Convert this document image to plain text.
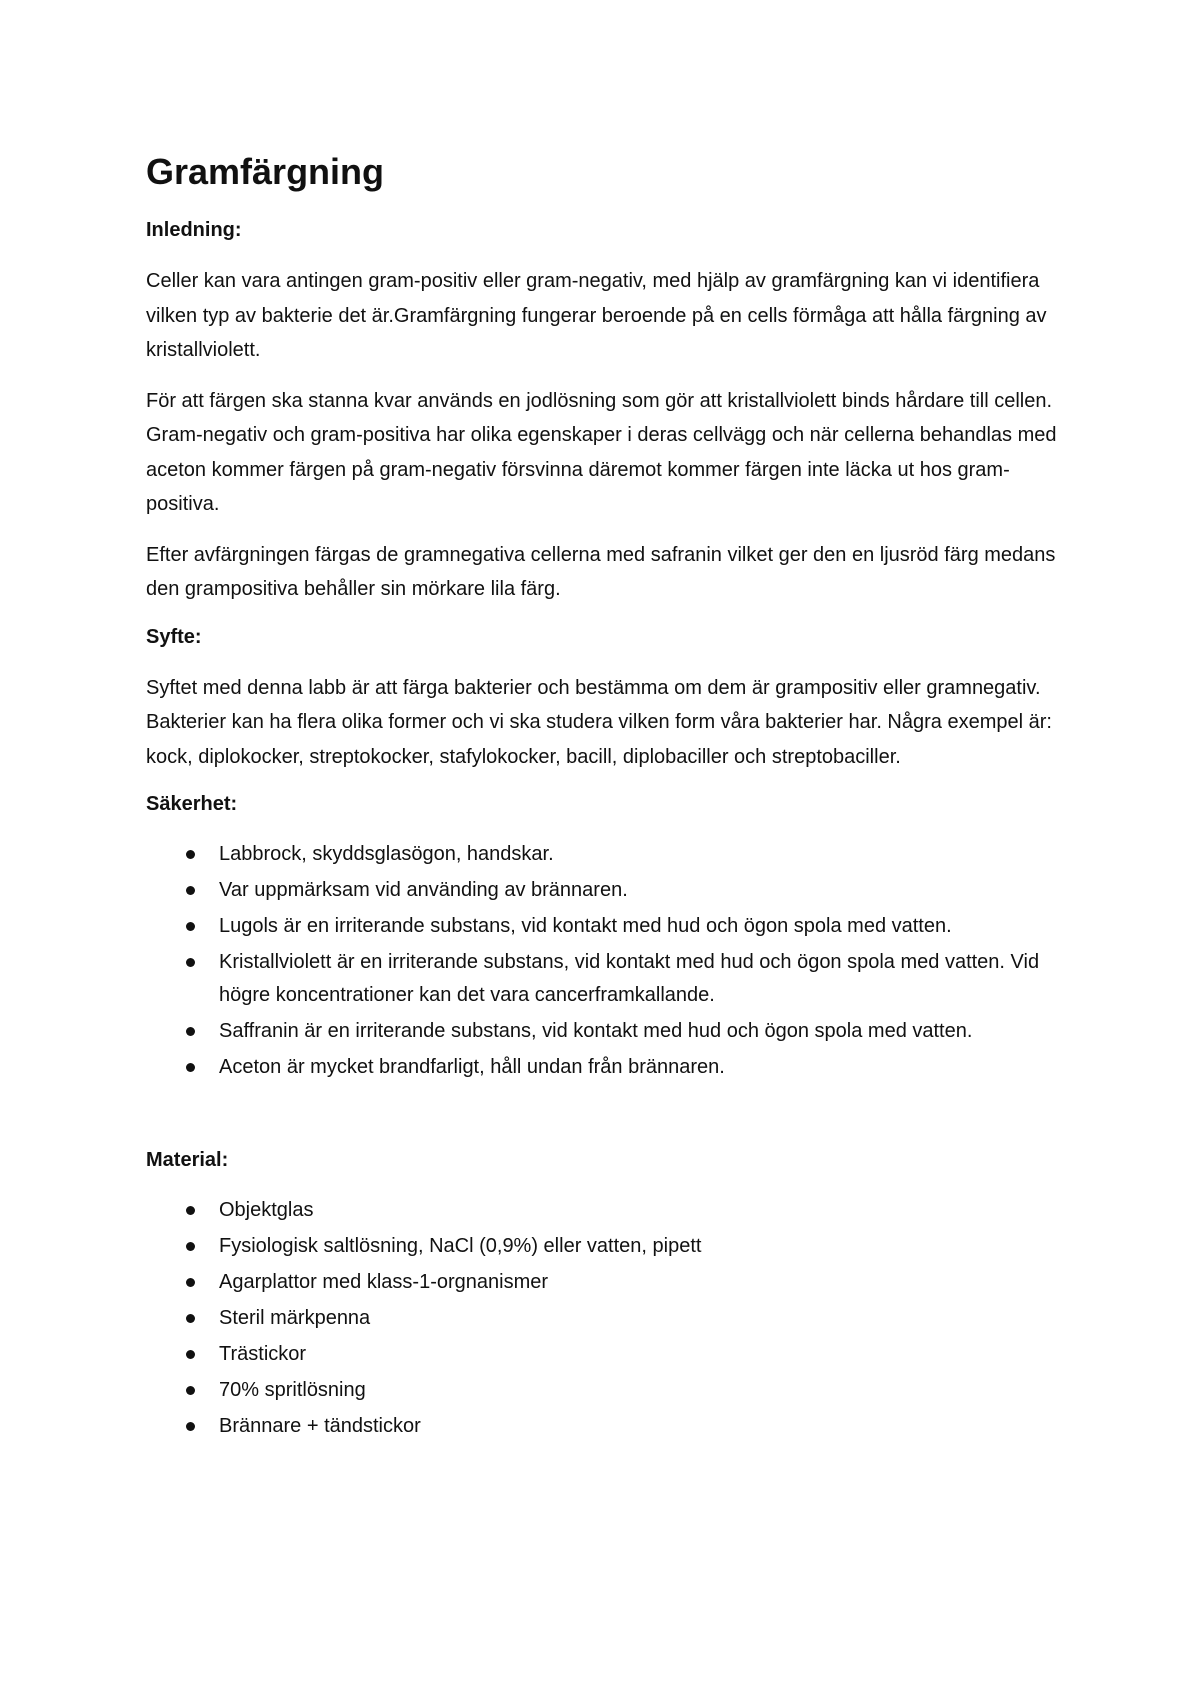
Gramfärgning
Inledning:

Celler kan vara antingen gram-positiv eller gram-negativ, med hjälp av gramfärgning kan vi identifiera vilken typ av bakterie det är.Gramfärgning fungerar beroende på en cells förmåga att hålla färgning av kristallviolett.

För att färgen ska stanna kvar används en jodlösning som gör att kristallviolett binds hårdare till cellen. Gram-negativ och gram-positiva har olika egenskaper i deras cellvägg och när cellerna behandlas med aceton kommer färgen på gram-negativ försvinna däremot kommer färgen inte läcka ut hos gram-positiva.

Efter avfärgningen färgas de gramnegativa cellerna med safranin vilket ger den en ljusröd färg medans den grampositiva behåller sin mörkare lila färg.

Syfte:

Syftet med denna labb är att färga bakterier och bestämma om dem är grampositiv eller gramnegativ. Bakterier kan ha flera olika former och vi ska studera vilken form våra bakterier har. Några exempel är: kock, diplokocker, streptokocker, stafylokocker, bacill, diplobaciller och streptobaciller.

Säkerhet:
Labbrock, skyddsglasögon, handskar.
Var uppmärksam vid använding av brännaren.
Lugols är en irriterande substans, vid kontakt med hud och ögon spola med vatten.
Kristallviolett är en irriterande substans, vid kontakt med hud och ögon spola med vatten. Vid högre koncentrationer kan det vara cancerframkallande.
Saffranin är en irriterande substans, vid kontakt med hud och ögon spola med vatten.
Aceton är mycket brandfarligt, håll undan från brännaren.
Material:
Objektglas
Fysiologisk saltlösning, NaCl (0,9%) eller vatten, pipett
Agarplattor med klass-1-orgnanismer
Steril märkpenna
Trästickor
70% spritlösning
Brännare + tändstickor
